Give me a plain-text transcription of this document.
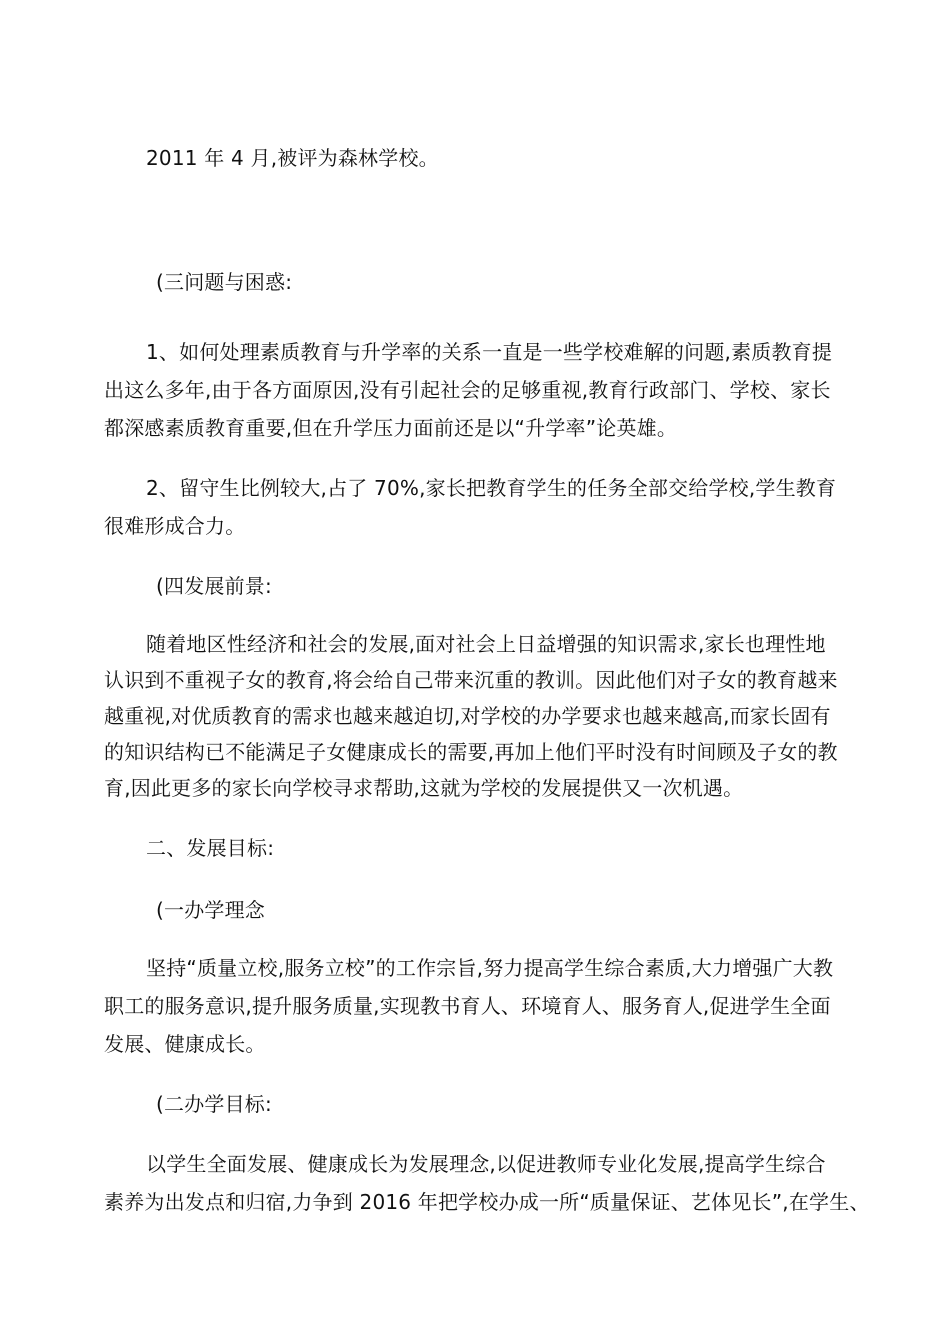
2011 年 4 月,被评为森林学校。
(三问题与困惑:
1、如何处理素质教育与升学率的关系一直是一些学校难解的问题,素质教育提
出这么多年,由于各方面原因,没有引起社会的足够重视,教育行政部门、学校、家长
都深感素质教育重要,但在升学压力面前还是以“升学率”论英雄。
2、留守生比例较大,占了 70%,家长把教育学生的任务全部交给学校,学生教育
很难形成合力。
(四发展前景:
随着地区性经济和社会的发展,面对社会上日益增强的知识需求,家长也理性地
认识到不重视子女的教育,将会给自己带来沉重的教训。因此他们对子女的教育越来
越重视,对优质教育的需求也越来越迫切,对学校的办学要求也越来越高,而家长固有
的知识结构已不能满足子女健康成长的需要,再加上他们平时没有时间顾及子女的教
育,因此更多的家长向学校寻求帮助,这就为学校的发展提供又一次机遇。
二、发展目标:
(一办学理念
坚持“质量立校,服务立校”的工作宗旨,努力提高学生综合素质,大力增强广大教
职工的服务意识,提升服务质量,实现教书育人、环境育人、服务育人,促进学生全面
发展、健康成长。
(二办学目标:
以学生全面发展、健康成长为发展理念,以促进教师专业化发展,提高学生综合
素养为出发点和归宿,力争到 2016 年把学校办成一所“质量保证、艺体见长”,在学生、
